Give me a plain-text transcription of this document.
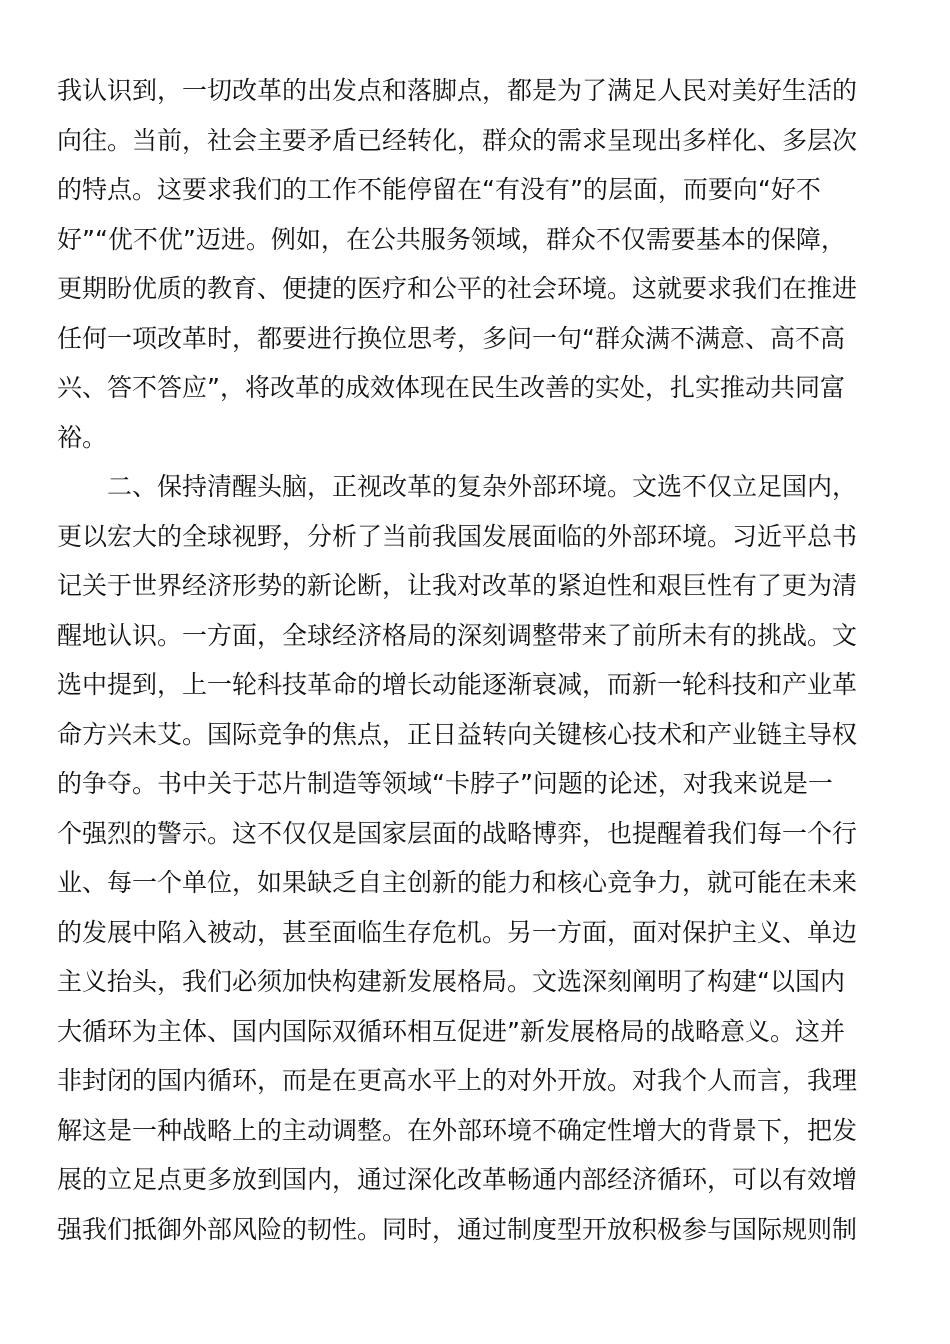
我认识到，一切改革的出发点和落脚点，都是为了满足人民对美好生活的
向往。当前，社会主要矛盾已经转化，群众的需求呈现出多样化、多层次
的特点。这要求我们的工作不能停留在“有没有”的层面，而要向“好不
好”“优不优”迈进。例如，在公共服务领域，群众不仅需要基本的保障，
更期盼优质的教育、便捷的医疗和公平的社会环境。这就要求我们在推进
任何一项改革时，都要进行换位思考，多问一句“群众满不满意、高不高
兴、答不答应”，将改革的成效体现在民生改善的实处，扎实推动共同富
裕。
二、保持清醒头脑，正视改革的复杂外部环境。文选不仅立足国内，
更以宏大的全球视野，分析了当前我国发展面临的外部环境。习近平总书
记关于世界经济形势的新论断，让我对改革的紧迫性和艰巨性有了更为清
醒地认识。一方面，全球经济格局的深刻调整带来了前所未有的挑战。文
选中提到，上一轮科技革命的增长动能逐渐衰减，而新一轮科技和产业革
命方兴未艾。国际竞争的焦点，正日益转向关键核心技术和产业链主导权
的争夺。书中关于芯片制造等领域“卡脖子”问题的论述，对我来说是一
个强烈的警示。这不仅仅是国家层面的战略博弈，也提醒着我们每一个行
业、每一个单位，如果缺乏自主创新的能力和核心竞争力，就可能在未来
的发展中陷入被动，甚至面临生存危机。另一方面，面对保护主义、单边
主义抬头，我们必须加快构建新发展格局。文选深刻阐明了构建“以国内
大循环为主体、国内国际双循环相互促进”新发展格局的战略意义。这并
非封闭的国内循环，而是在更高水平上的对外开放。对我个人而言，我理
解这是一种战略上的主动调整。在外部环境不确定性增大的背景下，把发
展的立足点更多放到国内，通过深化改革畅通内部经济循环，可以有效增
强我们抵御外部风险的韧性。同时，通过制度型开放积极参与国际规则制
